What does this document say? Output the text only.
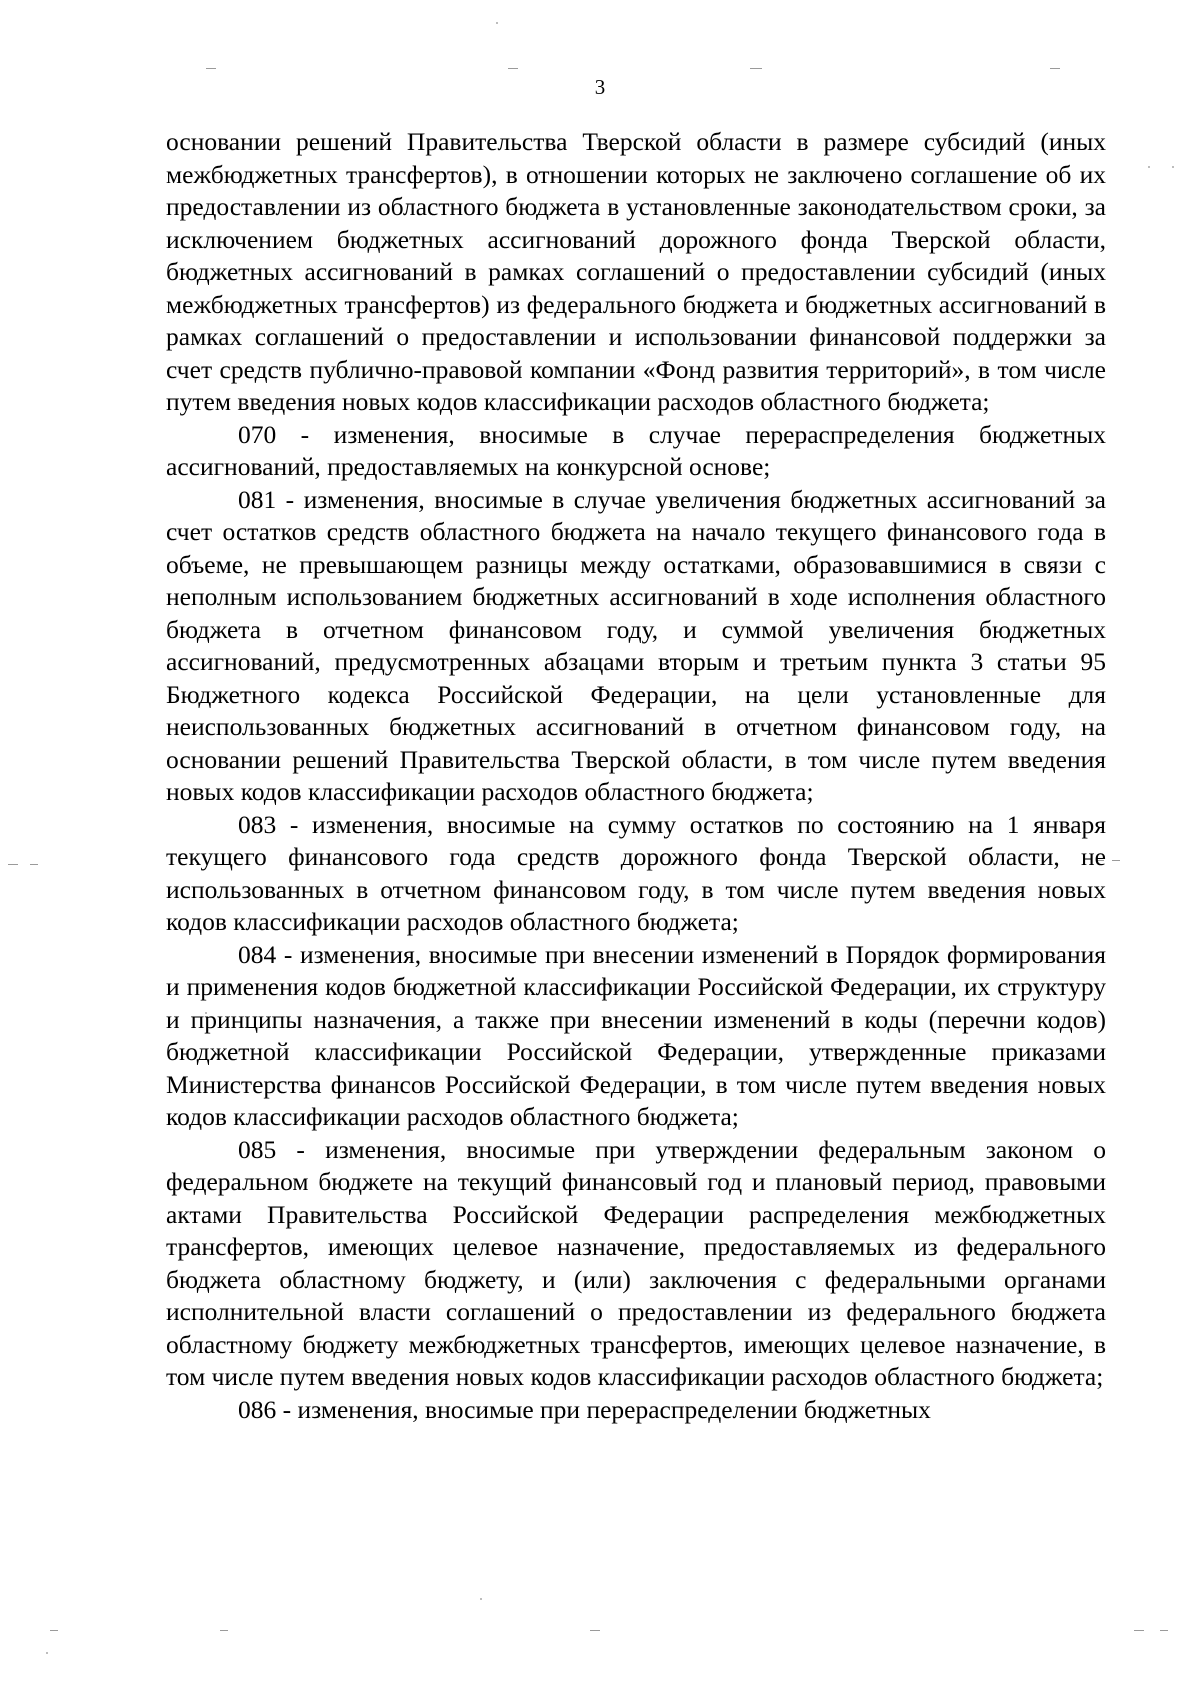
3

основании решений Правительства Тверской области в размере субсидий (иных межбюджетных трансфертов), в отношении которых не заключено соглашение об их предоставлении из областного бюджета в установленные законодательством сроки, за исключением бюджетных ассигнований дорожного фонда Тверской области, бюджетных ассигнований в рамках соглашений о предоставлении субсидий (иных межбюджетных трансфертов) из федерального бюджета и бюджетных ассигнований в рамках соглашений о предоставлении и использовании финансовой поддержки за счет средств публично-правовой компании «Фонд развития территорий», в том числе путем введения новых кодов классификации расходов областного бюджета;

070 - изменения, вносимые в случае перераспределения бюджетных ассигнований, предоставляемых на конкурсной основе;

081 - изменения, вносимые в случае увеличения бюджетных ассигнований за счет остатков средств областного бюджета на начало текущего финансового года в объеме, не превышающем разницы между остатками, образовавшимися в связи с неполным использованием бюджетных ассигнований в ходе исполнения областного бюджета в отчетном финансовом году, и суммой увеличения бюджетных ассигнований, предусмотренных абзацами вторым и третьим пункта 3 статьи 95 Бюджетного кодекса Российской Федерации, на цели установленные для неиспользованных бюджетных ассигнований в отчетном финансовом году, на основании решений Правительства Тверской области, в том числе путем введения новых кодов классификации расходов областного бюджета;

083 - изменения, вносимые на сумму остатков по состоянию на 1 января текущего финансового года средств дорожного фонда Тверской области, не использованных в отчетном финансовом году, в том числе путем введения новых кодов классификации расходов областного бюджета;

084 - изменения, вносимые при внесении изменений в Порядок формирования и применения кодов бюджетной классификации Российской Федерации, их структуру и принципы назначения, а также при внесении изменений в коды (перечни кодов) бюджетной классификации Российской Федерации, утвержденные приказами Министерства финансов Российской Федерации, в том числе путем введения новых кодов классификации расходов областного бюджета;

085 - изменения, вносимые при утверждении федеральным законом о федеральном бюджете на текущий финансовый год и плановый период, правовыми актами Правительства Российской Федерации распределения межбюджетных трансфертов, имеющих целевое назначение, предоставляемых из федерального бюджета областному бюджету, и (или) заключения с федеральными органами исполнительной власти соглашений о предоставлении из федерального бюджета областному бюджету межбюджетных трансфертов, имеющих целевое назначение, в том числе путем введения новых кодов классификации расходов областного бюджета;

086 - изменения, вносимые при перераспределении бюджетных
